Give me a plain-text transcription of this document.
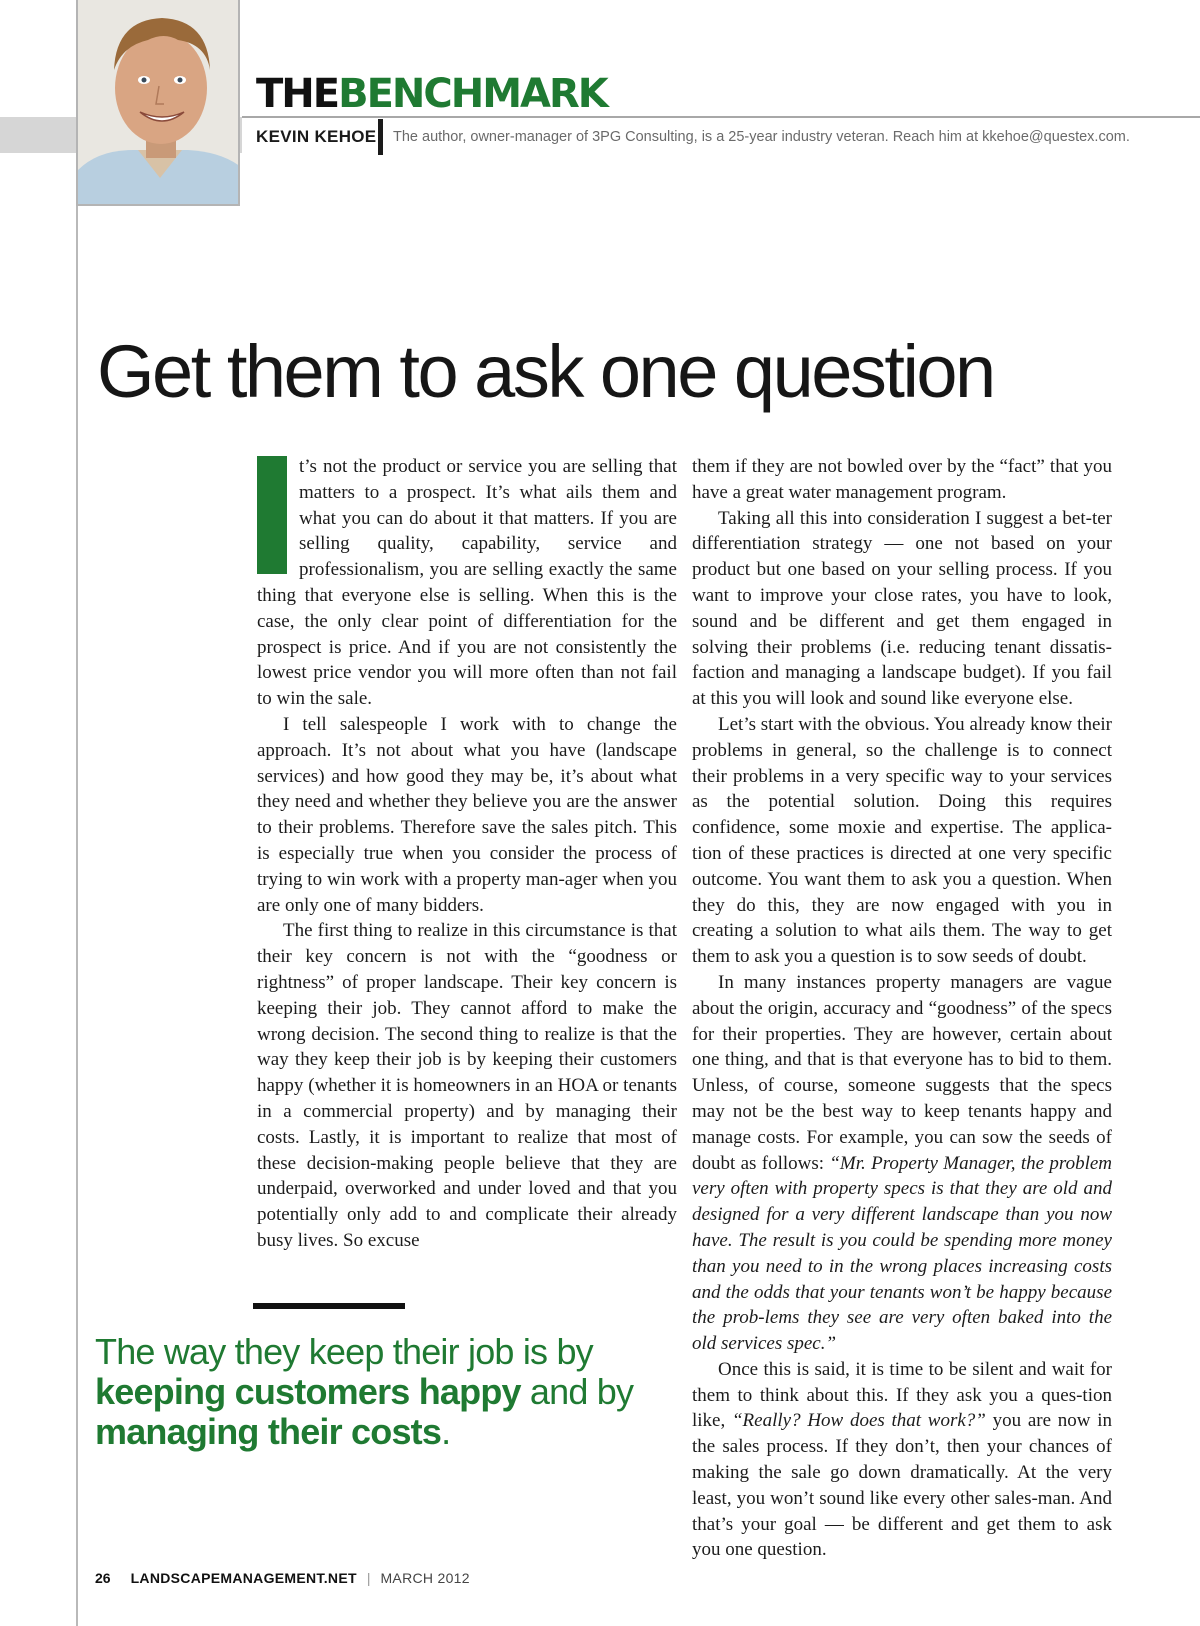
THEBENCHMARK
KEVIN KEHOE The author, owner-manager of 3PG Consulting, is a 25-year industry veteran. Reach him at kkehoe@questex.com.
Get them to ask one question

t’s not the product or service you are selling that matters to a prospect. It’s what ails them and what you can do about it that matters. If you are selling quality, capability, service and professionalism, you are selling exactly the same thing that everyone else is selling. When this is the case, the only clear point of differentiation for the prospect is price. And if you are not consistently the lowest price vendor you will more often than not fail to win the sale.

I tell salespeople I work with to change the approach. It’s not about what you have (landscape services) and how good they may be, it’s about what they need and whether they believe you are the answer to their problems. Therefore save the sales pitch. This is especially true when you consider the process of trying to win work with a property man-ager when you are only one of many bidders.

The first thing to realize in this circumstance is that their key concern is not with the “goodness or rightness” of proper landscape. Their key concern is keeping their job. They cannot afford to make the wrong decision. The second thing to realize is that the way they keep their job is by keeping their customers happy (whether it is homeowners in an HOA or tenants in a commercial property) and by managing their costs. Lastly, it is important to realize that most of these decision-making people believe that they are underpaid, overworked and under loved and that you potentially only add to and complicate their already busy lives. So excuse

them if they are not bowled over by the “fact” that you have a great water management program.

Taking all this into consideration I suggest a bet-ter differentiation strategy — one not based on your product but one based on your selling process. If you want to improve your close rates, you have to look, sound and be different and get them engaged in solving their problems (i.e. reducing tenant dissatis-faction and managing a landscape budget). If you fail at this you will look and sound like everyone else.

Let’s start with the obvious. You already know their problems in general, so the challenge is to connect their problems in a very specific way to your services as the potential solution. Doing this requires confidence, some moxie and expertise. The applica-tion of these practices is directed at one very specific outcome. You want them to ask you a question. When they do this, they are now engaged with you in creating a solution to what ails them. The way to get them to ask you a question is to sow seeds of doubt.

In many instances property managers are vague about the origin, accuracy and “goodness” of the specs for their properties. They are however, certain about one thing, and that is that everyone has to bid to them. Unless, of course, someone suggests that the specs may not be the best way to keep tenants happy and manage costs. For example, you can sow the seeds of doubt as follows: “Mr. Property Manager, the problem very often with property specs is that they are old and designed for a very different landscape than you now have. The result is you could be spending more money than you need to in the wrong places increasing costs and the odds that your tenants won’t be happy because the prob-lems they see are very often baked into the old services spec.”

Once this is said, it is time to be silent and wait for them to think about this. If they ask you a ques-tion like, “Really? How does that work?” you are now in the sales process. If they don’t, then your chances of making the sale go down dramatically. At the very least, you won’t sound like every other sales-man. And that’s your goal — be different and get them to ask you one question.

The way they keep their job is by keeping customers happy and by managing their costs.

26 LANDSCAPEMANAGEMENT.NET | MARCH 2012
